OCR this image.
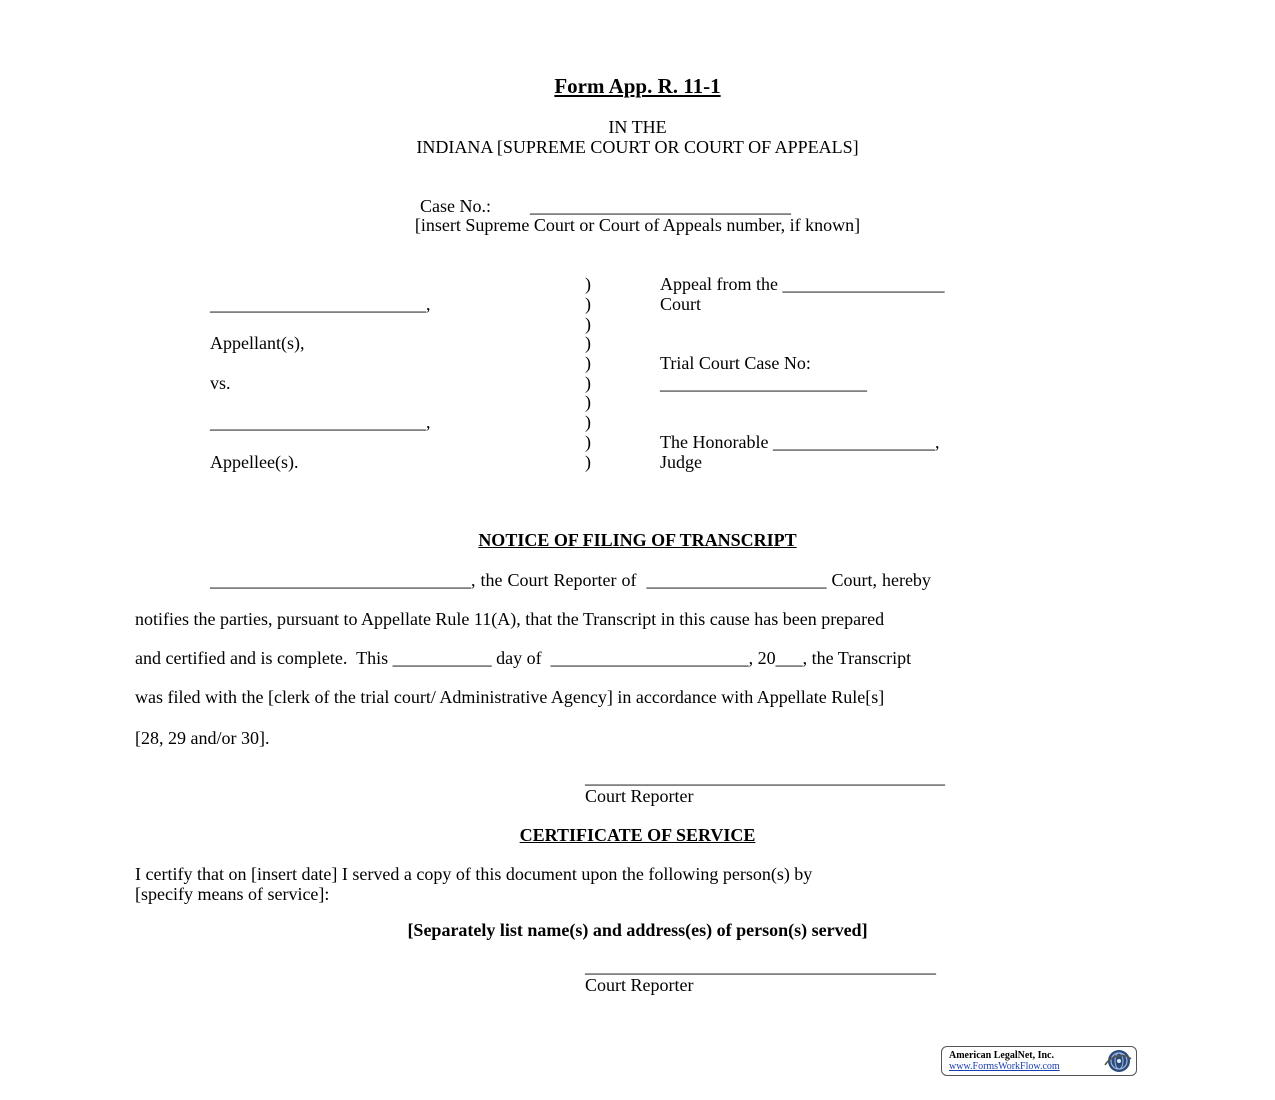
Form App. R. 11-1
IN THE
INDIANA [SUPREME COURT OR COURT OF APPEALS]
Case No.: _____________________________
[insert Supreme Court or Court of Appeals number, if known]
________________________,
Appellant(s),
vs.
________________________,
Appellee(s).
)
)
)
)
)
)
)
)
)
)
Appeal from the __________________
Court
Trial Court Case No:
_______________________
The Honorable __________________,
Judge
NOTICE OF FILING OF TRANSCRIPT
_____________________________, the Court Reporter of  ____________________ Court, hereby
notifies the parties, pursuant to Appellate Rule 11(A), that the Transcript in this cause has been prepared
and certified and is complete.  This ___________ day of  ______________________, 20___, the Transcript
was filed with the [clerk of the trial court/ Administrative Agency] in accordance with Appellate Rule[s]
[28, 29 and/or 30].
________________________________________
Court Reporter
CERTIFICATE OF SERVICE
I certify that on [insert date] I served a copy of this document upon the following person(s) by
[specify means of service]:
[Separately list name(s) and address(es) of person(s) served]
_______________________________________
Court Reporter
American LegalNet, Inc.
www.FormsWorkFlow.com
